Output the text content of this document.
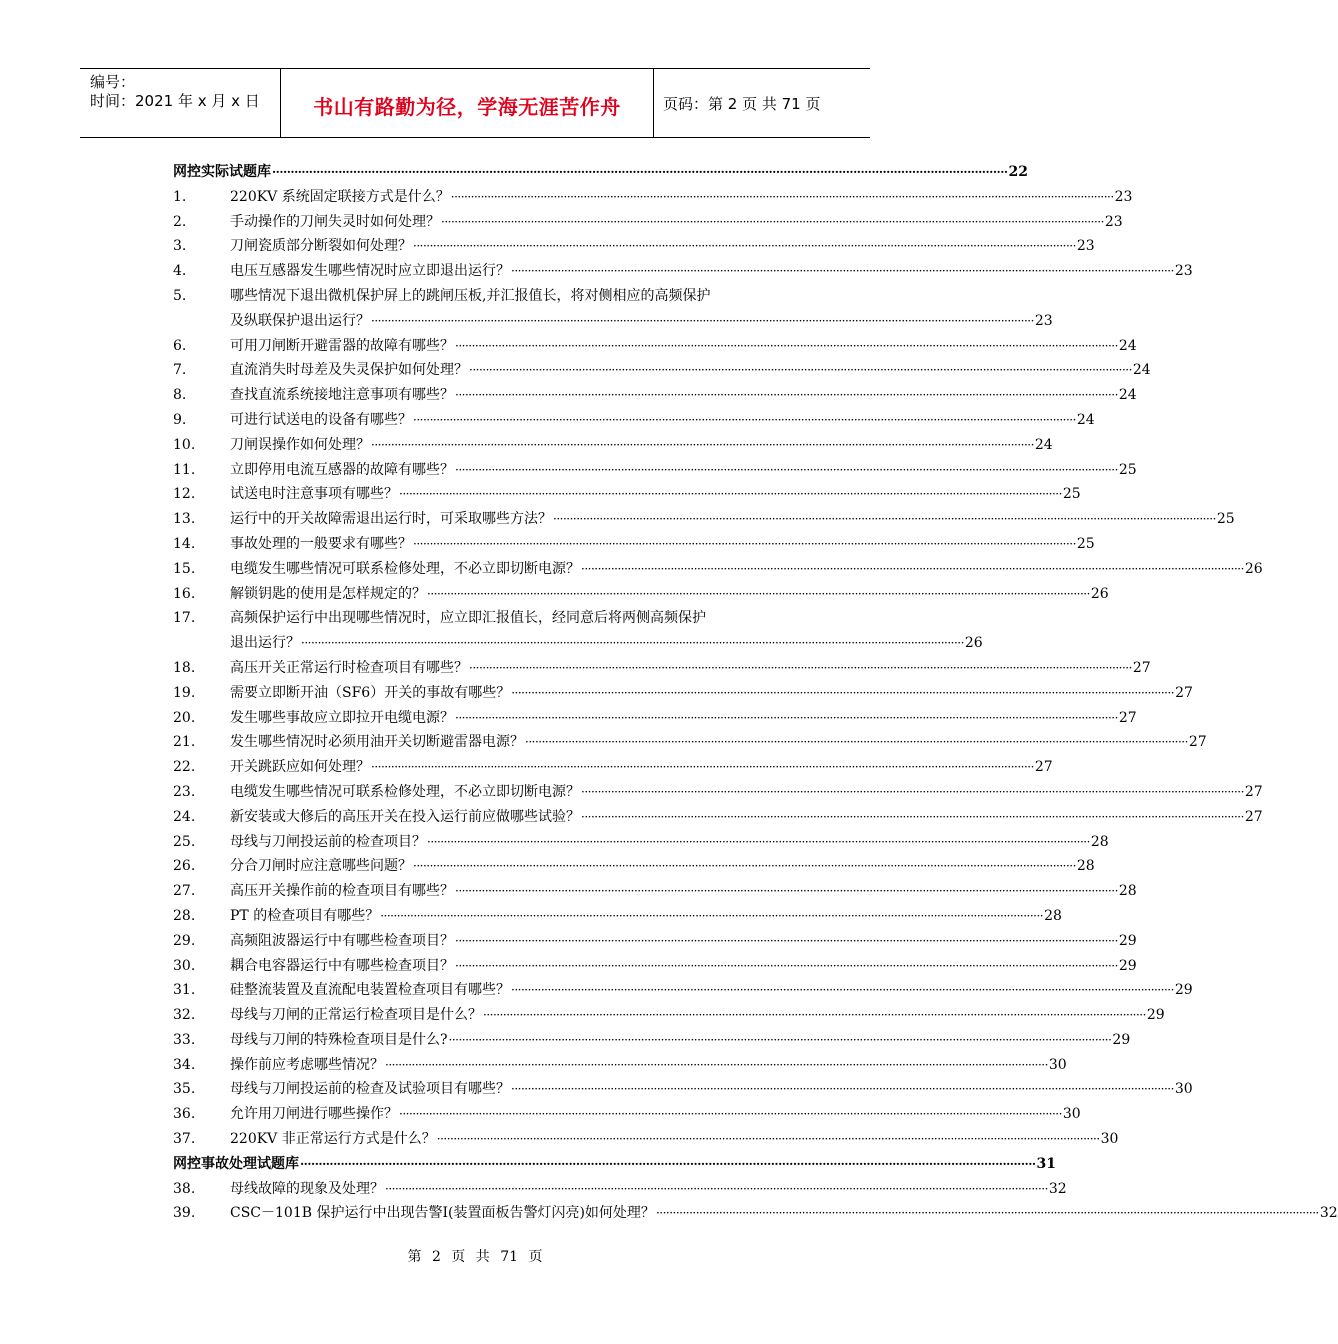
编号：
时间：2021 年 x 月 x 日	书山有路勤为径，学海无涯苦作舟	页码：第 2 页 共 71 页
网控实际试题库 ········································································································································································································ 22
1.	220KV 系统固定联接方式是什么？ ········································································································································································································ 23
2.	手动操作的刀闸失灵时如何处理？ ········································································································································································································ 23
3.	刀闸瓷质部分断裂如何处理？ ········································································································································································································ 23
4.	电压互感器发生哪些情况时应立即退出运行？ ········································································································································································································ 23
5.	哪些情况下退出微机保护屏上的跳闸压板,并汇报值长，将对侧相应的高频保护
及纵联保护退出运行？ ········································································································································································································ 23
6.	可用刀闸断开避雷器的故障有哪些？ ········································································································································································································ 24
7.	直流消失时母差及失灵保护如何处理？ ········································································································································································································ 24
8.	查找直流系统接地注意事项有哪些？ ········································································································································································································ 24
9.	可进行试送电的设备有哪些？ ········································································································································································································ 24
10.	刀闸误操作如何处理？ ········································································································································································································ 24
11.	立即停用电流互感器的故障有哪些？ ········································································································································································································ 25
12.	试送电时注意事项有哪些？ ········································································································································································································ 25
13.	运行中的开关故障需退出运行时，可采取哪些方法？ ········································································································································································································ 25
14.	事故处理的一般要求有哪些？ ········································································································································································································ 25
15.	电缆发生哪些情况可联系检修处理，不必立即切断电源？ ········································································································································································································ 26
16.	解锁钥匙的使用是怎样规定的？ ········································································································································································································ 26
17.	高频保护运行中出现哪些情况时，应立即汇报值长，经同意后将两侧高频保护
退出运行？ ········································································································································································································ 26
18.	高压开关正常运行时检查项目有哪些？ ········································································································································································································ 27
19.	需要立即断开油（SF6）开关的事故有哪些？ ········································································································································································································ 27
20.	发生哪些事故应立即拉开电缆电源？ ········································································································································································································ 27
21.	发生哪些情况时必须用油开关切断避雷器电源？ ········································································································································································································ 27
22.	开关跳跃应如何处理？ ········································································································································································································ 27
23.	电缆发生哪些情况可联系检修处理，不必立即切断电源？ ········································································································································································································ 27
24.	新安装或大修后的高压开关在投入运行前应做哪些试验？ ········································································································································································································ 27
25.	母线与刀闸投运前的检查项目？ ········································································································································································································ 28
26.	分合刀闸时应注意哪些问题？ ········································································································································································································ 28
27.	高压开关操作前的检查项目有哪些？ ········································································································································································································ 28
28.	PT 的检查项目有哪些？ ········································································································································································································ 28
29.	高频阻波器运行中有哪些检查项目？ ········································································································································································································ 29
30.	耦合电容器运行中有哪些检查项目？ ········································································································································································································ 29
31.	硅整流装置及直流配电装置检查项目有哪些？ ········································································································································································································ 29
32.	母线与刀闸的正常运行检查项目是什么？ ········································································································································································································ 29
33.	母线与刀闸的特殊检查项目是什么? ········································································································································································································ 29
34.	操作前应考虑哪些情况？ ········································································································································································································ 30
35.	母线与刀闸投运前的检查及试验项目有哪些？ ········································································································································································································ 30
36.	允许用刀闸进行哪些操作？ ········································································································································································································ 30
37.	220KV 非正常运行方式是什么？ ········································································································································································································ 30
网控事故处理试题库 ········································································································································································································ 31
38.	母线故障的现象及处理？ ········································································································································································································ 32
39.	CSC－101B 保护运行中出现告警Ⅰ(装置面板告警灯闪亮)如何处理？ ········································································································································································································ 32
第 2 页 共 71 页
